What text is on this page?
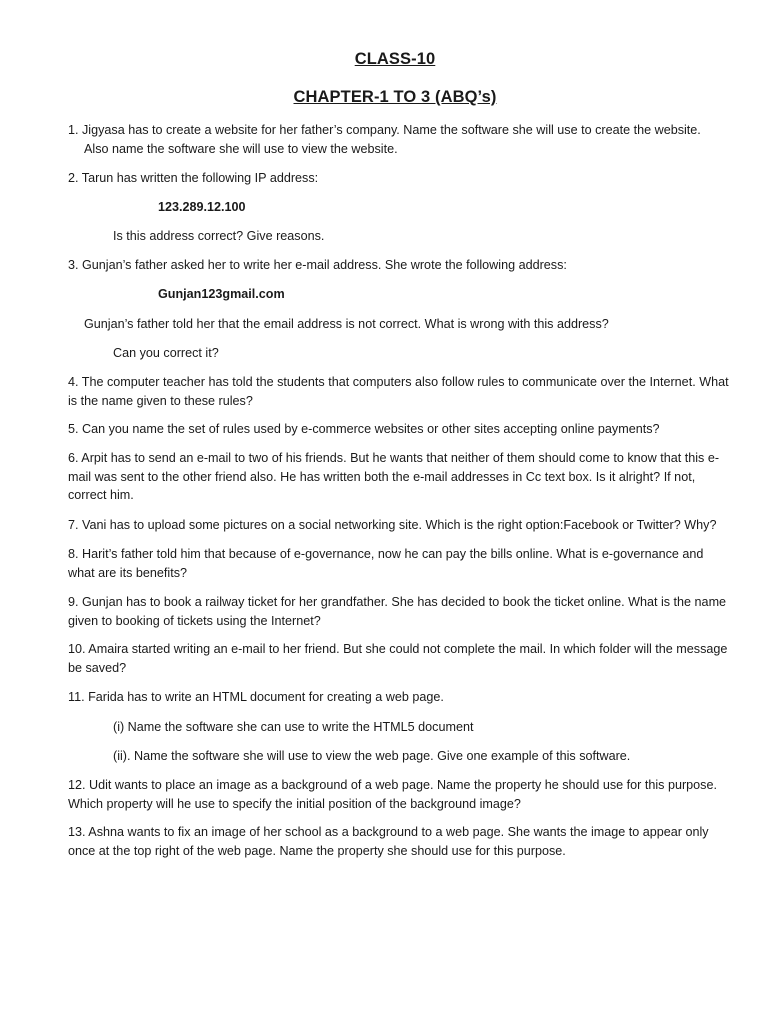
CLASS-10
CHAPTER-1 TO 3 (ABQ’s)
1. Jigyasa has to create a website for her father’s company. Name the software she will use to create the website.
Also name the software she will use to view the website.
2. Tarun has written the following IP address:
123.289.12.100
Is this address correct? Give reasons.
3. Gunjan’s father asked her to write her e-mail address. She wrote the following address:
Gunjan123gmail.com
Gunjan’s father told her that the email address is not correct. What is wrong with this address?
Can you correct it?
4. The computer teacher has told the students that computers also follow rules to communicate over the Internet. What is the name given to these rules?
5. Can you name the set of rules used by e-commerce websites or other sites accepting online payments?
6. Arpit has to send an e-mail to two of his friends. But he wants that neither of them should come to know that this e-mail was sent to the other friend also. He has written both the e-mail addresses in Cc text box. Is it alright? If not, correct him.
7. Vani has to upload some pictures on a social networking site. Which is the right option:Facebook or Twitter? Why?
8. Harit’s father told him that because of e-governance, now he can pay the bills online. What is e-governance and what are its benefits?
9. Gunjan has to book a railway ticket for her grandfather. She has decided to book the ticket online. What is the name given to booking of tickets using the Internet?
10. Amaira started writing an e-mail to her friend. But she could not complete the mail. In which folder will the message be saved?
11. Farida has to write an HTML document for creating a web page.
(i) Name the software she can use to write the HTML5 document
(ii). Name the software she will use to view the web page. Give one example of this software.
12. Udit wants to place an image as a background of a web page. Name the property he should use for this purpose. Which property will he use to specify the initial position of the background image?
13. Ashna wants to fix an image of her school as a background to a web page. She wants the image to appear only once at the top right of the web page. Name the property she should use for this purpose.
